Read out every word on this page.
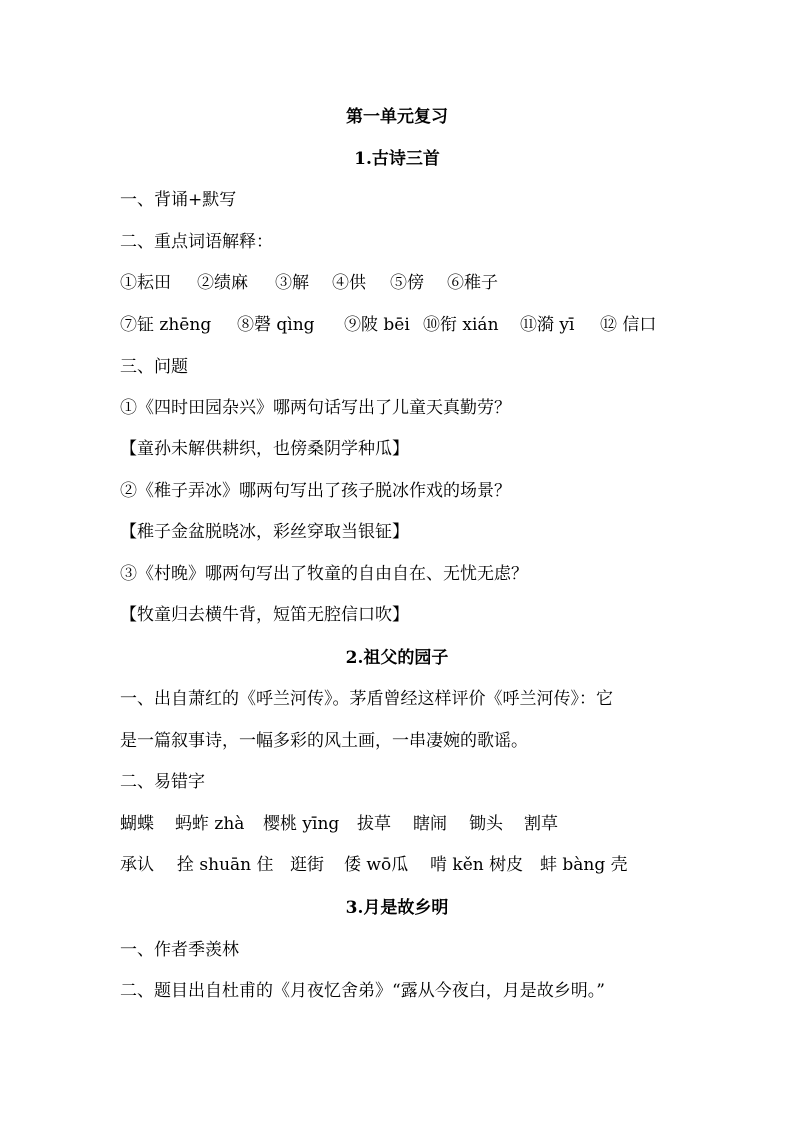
第一单元复习
1.古诗三首
一、背诵+默写
二、重点词语解释：
①耘田 ②绩麻 ③解 ④供 ⑤傍 ⑥稚子
⑦钲 zhēng ⑧磬 qìng ⑨陂 bēi ⑩衔 xián ⑪漪 yī ⑫ 信口
三、问题
①《四时田园杂兴》哪两句话写出了儿童天真勤劳？
【童孙未解供耕织，也傍桑阴学种瓜】
②《稚子弄冰》哪两句写出了孩子脱冰作戏的场景？
【稚子金盆脱晓冰，彩丝穿取当银钲】
③《村晚》哪两句写出了牧童的自由自在、无忧无虑？
【牧童归去横牛背，短笛无腔信口吹】
2.祖父的园子
一、出自萧红的《呼兰河传》。茅盾曾经这样评价《呼兰河传》：它
是一篇叙事诗，一幅多彩的风土画，一串凄婉的歌谣。
二、易错字
蝴蝶 蚂蚱 zhà 樱桃 yīng 拔草 瞎闹 锄头 割草
承认 拴 shuān 住 逛街 倭 wō瓜 啃 kěn 树皮 蚌 bàng 壳
3.月是故乡明
一、作者季羡林
二、题目出自杜甫的《月夜忆舍弟》“露从今夜白，月是故乡明。”
